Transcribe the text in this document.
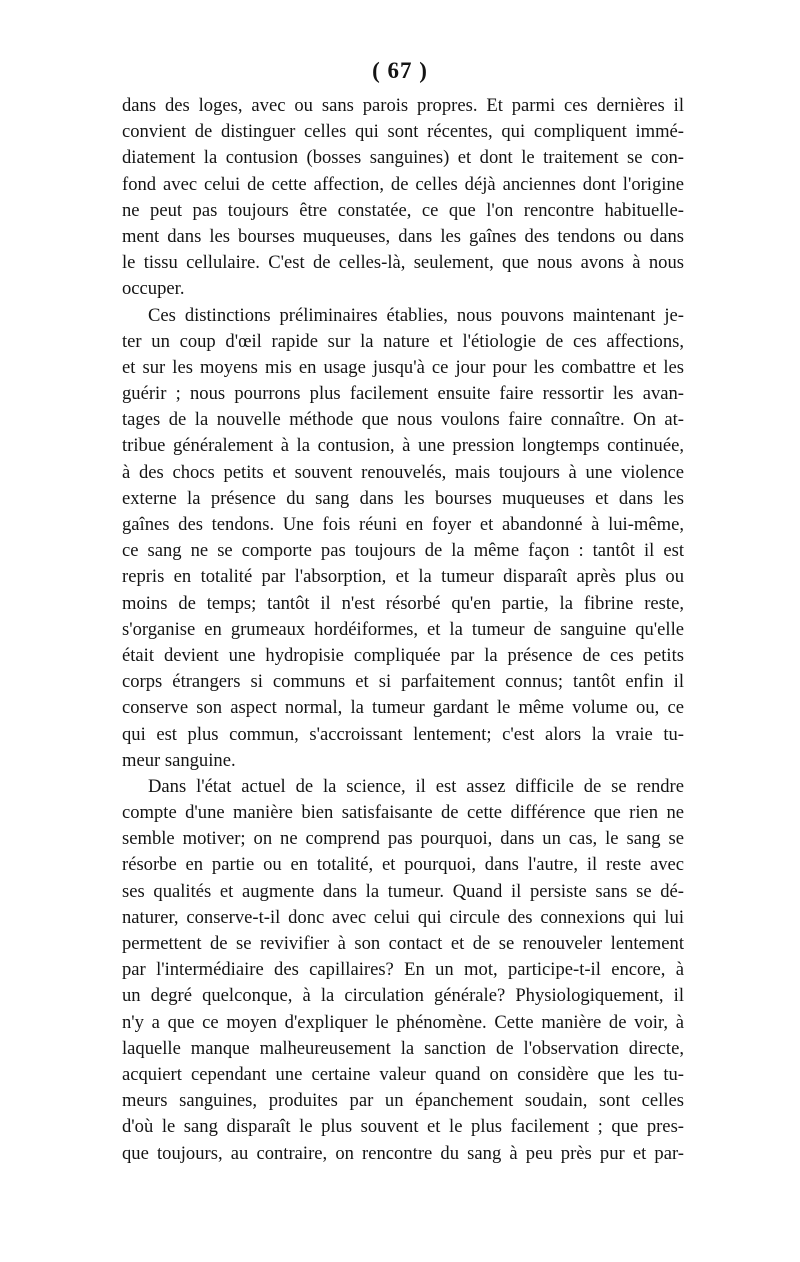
( 67 )
dans des loges, avec ou sans parois propres. Et parmi ces dernières il
convient de distinguer celles qui sont récentes, qui compliquent immé-
diatement la contusion (bosses sanguines) et dont le traitement se con-
fond avec celui de cette affection, de celles déjà anciennes dont l'origine
ne peut pas toujours être constatée, ce que l'on rencontre habituelle-
ment dans les bourses muqueuses, dans les gaînes des tendons ou dans
le tissu cellulaire. C'est de celles-là, seulement, que nous avons à nous
occuper.
Ces distinctions préliminaires établies, nous pouvons maintenant je-
ter un coup d'œil rapide sur la nature et l'étiologie de ces affections,
et sur les moyens mis en usage jusqu'à ce jour pour les combattre et les
guérir ; nous pourrons plus facilement ensuite faire ressortir les avan-
tages de la nouvelle méthode que nous voulons faire connaître. On at-
tribue généralement à la contusion, à une pression longtemps continuée,
à des chocs petits et souvent renouvelés, mais toujours à une violence
externe la présence du sang dans les bourses muqueuses et dans les
gaînes des tendons. Une fois réuni en foyer et abandonné à lui-même,
ce sang ne se comporte pas toujours de la même façon : tantôt il est
repris en totalité par l'absorption, et la tumeur disparaît après plus ou
moins de temps; tantôt il n'est résorbé qu'en partie, la fibrine reste,
s'organise en grumeaux hordéiformes, et la tumeur de sanguine qu'elle
était devient une hydropisie compliquée par la présence de ces petits
corps étrangers si communs et si parfaitement connus; tantôt enfin il
conserve son aspect normal, la tumeur gardant le même volume ou, ce
qui est plus commun, s'accroissant lentement; c'est alors la vraie tu-
meur sanguine.
Dans l'état actuel de la science, il est assez difficile de se rendre
compte d'une manière bien satisfaisante de cette différence que rien ne
semble motiver; on ne comprend pas pourquoi, dans un cas, le sang se
résorbe en partie ou en totalité, et pourquoi, dans l'autre, il reste avec
ses qualités et augmente dans la tumeur. Quand il persiste sans se dé-
naturer, conserve-t-il donc avec celui qui circule des connexions qui lui
permettent de se revivifier à son contact et de se renouveler lentement
par l'intermédiaire des capillaires? En un mot, participe-t-il encore, à
un degré quelconque, à la circulation générale? Physiologiquement, il
n'y a que ce moyen d'expliquer le phénomène. Cette manière de voir, à
laquelle manque malheureusement la sanction de l'observation directe,
acquiert cependant une certaine valeur quand on considère que les tu-
meurs sanguines, produites par un épanchement soudain, sont celles
d'où le sang disparaît le plus souvent et le plus facilement ; que pres-
que toujours, au contraire, on rencontre du sang à peu près pur et par-
